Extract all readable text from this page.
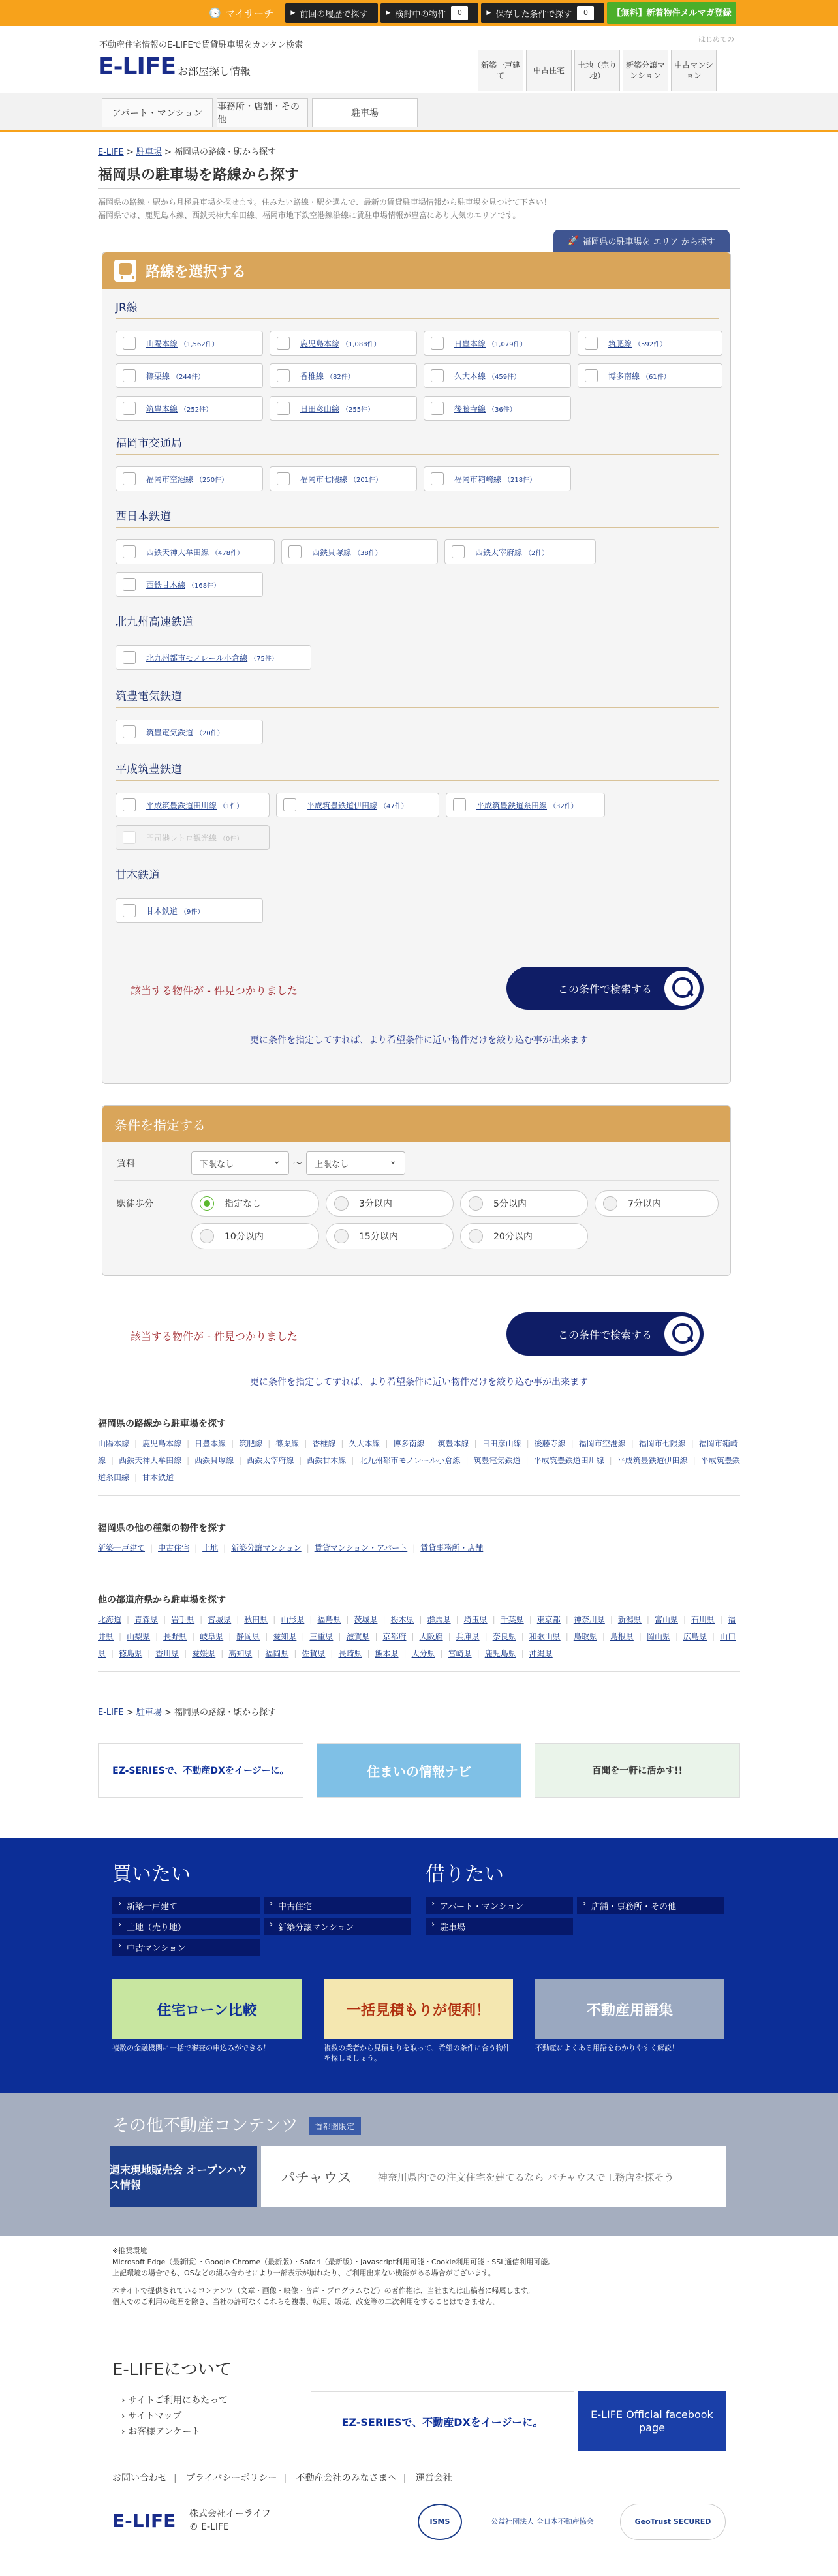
🕓 マイサーチ	▶ 前回の履歴で探す	▶ 検討中の物件	0	▶ 保存した条件で探す	0	【無料】新着物件 メルマガ登録
不動産住宅情報のE-LIFEで賃貸駐車場をカンタン検索
E-LIFE お部屋探し情報
はじめての
新築一戸建て
中古住宅
土地（売り地）
新築分譲マンション
中古マンション
アパート・マンション
事務所・店舗・その他
駐車場
E-LIFE > 駐車場 > 福岡県の路線・駅から探す
福岡県の駐車場を路線から探す
福岡県の路線・駅から月極駐車場を探せます。住みたい路線・駅を選んで、最新の賃貸駐車場情報から駐車場を見つけて下さい！
福岡県では、鹿児島本線、西鉄天神大牟田線、福岡市地下鉄空港線沿線に賃駐車場情報が豊富にあり人気のエリアです。
🚀 福岡県の駐車場を エリア から探す
路線を選択する
JR線
山陽本線 （1,562件）	鹿児島本線 （1,088件）	日豊本線 （1,079件）	筑肥線 （592件）
篠栗線 （244件）	香椎線 （82件）	久大本線 （459件）	博多南線 （61件）
筑豊本線 （252件）	日田彦山線 （255件）	後藤寺線 （36件）
福岡市交通局
福岡市空港線 （250件）	福岡市七隈線 （201件）	福岡市箱崎線 （218件）
西日本鉄道
西鉄天神大牟田線 （478件）	西鉄貝塚線 （38件）	西鉄太宰府線 （2件）
西鉄甘木線 （168件）
北九州高速鉄道
北九州都市モノレール小倉線 （75件）
筑豊電気鉄道
筑豊電気鉄道 （20件）
平成筑豊鉄道
平成筑豊鉄道田川線 （1件）	平成筑豊鉄道伊田線 （47件）	平成筑豊鉄道糸田線 （32件）
門司港レトロ観光線 （0件）
甘木鉄道
甘木鉄道 （9件）
該当する物件が - 件見つかりました	この条件で検索する
更に条件を指定してすれば、より希望条件に近い物件だけを絞り込む事が出来ます
条件を指定する
賃料	下限なし ⌄	〜	上限なし ⌄
駅徒歩分	指定なし	3分以内	5分以内	7分以内
10分以内	15分以内	20分以内
該当する物件が - 件見つかりました	この条件で検索する
更に条件を指定してすれば、より希望条件に近い物件だけを絞り込む事が出来ます
福岡県の路線から駐車場を探す
山陽本線 | 鹿児島本線 | 日豊本線 | 筑肥線 | 篠栗線 | 香椎線 | 久大本線 | 博多南線 | 筑豊本線 | 日田彦山線 | 後藤寺線 | 福岡市空港線 | 福岡市七隈線 | 福岡市箱崎線 | 西鉄天神大牟田線 | 西鉄貝塚線 | 西鉄太宰府線 | 西鉄甘木線 | 北九州都市モノレール小倉線 | 筑豊電気鉄道 | 平成筑豊鉄道田川線 | 平成筑豊鉄道伊田線 | 平成筑豊鉄道糸田線 | 甘木鉄道
福岡県の他の種類の物件を探す
新築一戸建て | 中古住宅 | 土地 | 新築分譲マンション | 賃貸マンション・アパート | 賃貸事務所・店舗
他の都道府県から駐車場を探す
北海道 | 青森県 | 岩手県 | 宮城県 | 秋田県 | 山形県 | 福島県 | 茨城県 | 栃木県 | 群馬県 | 埼玉県 | 千葉県 | 東京都 | 神奈川県 | 新潟県 | 富山県 | 石川県 | 福井県 | 山梨県 | 長野県 | 岐阜県 | 静岡県 | 愛知県 | 三重県 | 滋賀県 | 京都府 | 大阪府 | 兵庫県 | 奈良県 | 和歌山県 | 鳥取県 | 島根県 | 岡山県 | 広島県 | 山口県 | 徳島県 | 香川県 | 愛媛県 | 高知県 | 福岡県 | 佐賀県 | 長崎県 | 熊本県 | 大分県 | 宮崎県 | 鹿児島県 | 沖縄県
E-LIFE > 駐車場 > 福岡県の路線・駅から探す
EZ-SERIESで、不動産DXをイージーに。	住まいの情報ナビ	百聞を一軒に活かす!!
買いたい
› 新築一戸建て	› 中古住宅
› 土地（売り地）	› 新築分譲マンション
› 中古マンション
借りたい
› アパート・マンション	› 店舗・事務所・その他
› 駐車場
住宅ローン比較
複数の金融機関に一括で審査の申込みができる！
一括見積もりが便利！
複数の業者から見積もりを取って、希望の条件に合う物件を探しましょう。
不動産用語集
不動産によくある用語をわかりやすく解説！
その他不動産コンテンツ 首都圏限定
週末現地販売会 オープンハウス情報	パチャウス	神奈川県内での注文住宅を建てるなら パチャウスで工務店を探そう
※推奨環境
Microsoft Edge（最新版）・Google Chrome（最新版）・Safari（最新版）・Javascript利用可能・Cookie利用可能・SSL通信利用可能。
上記環境の場合でも、OSなどの組み合わせにより一部表示が崩れたり、ご利用出来ない機能がある場合がございます。
本サイトで提供されているコンテンツ（文章・画像・映像・音声・プログラムなど）の著作権は、当社または出稿者に帰属します。
個人でのご利用の範囲を除き、当社の許可なくこれらを複製、転用、販売、改変等の二次利用をすることはできません。
E-LIFEについて
› サイトご利用にあたって
› サイトマップ
› お客様アンケート
EZ-SERIESで、不動産DXをイージーに。
E-LIFE Official facebook page
お問い合わせ | プライバシーポリシー | 不動産会社のみなさまへ | 運営会社
E-LIFE 株式会社イーライフ
© E-LIFE
ISMS	公益社団法人 全日本不動産協会	GeoTrust SECURED
